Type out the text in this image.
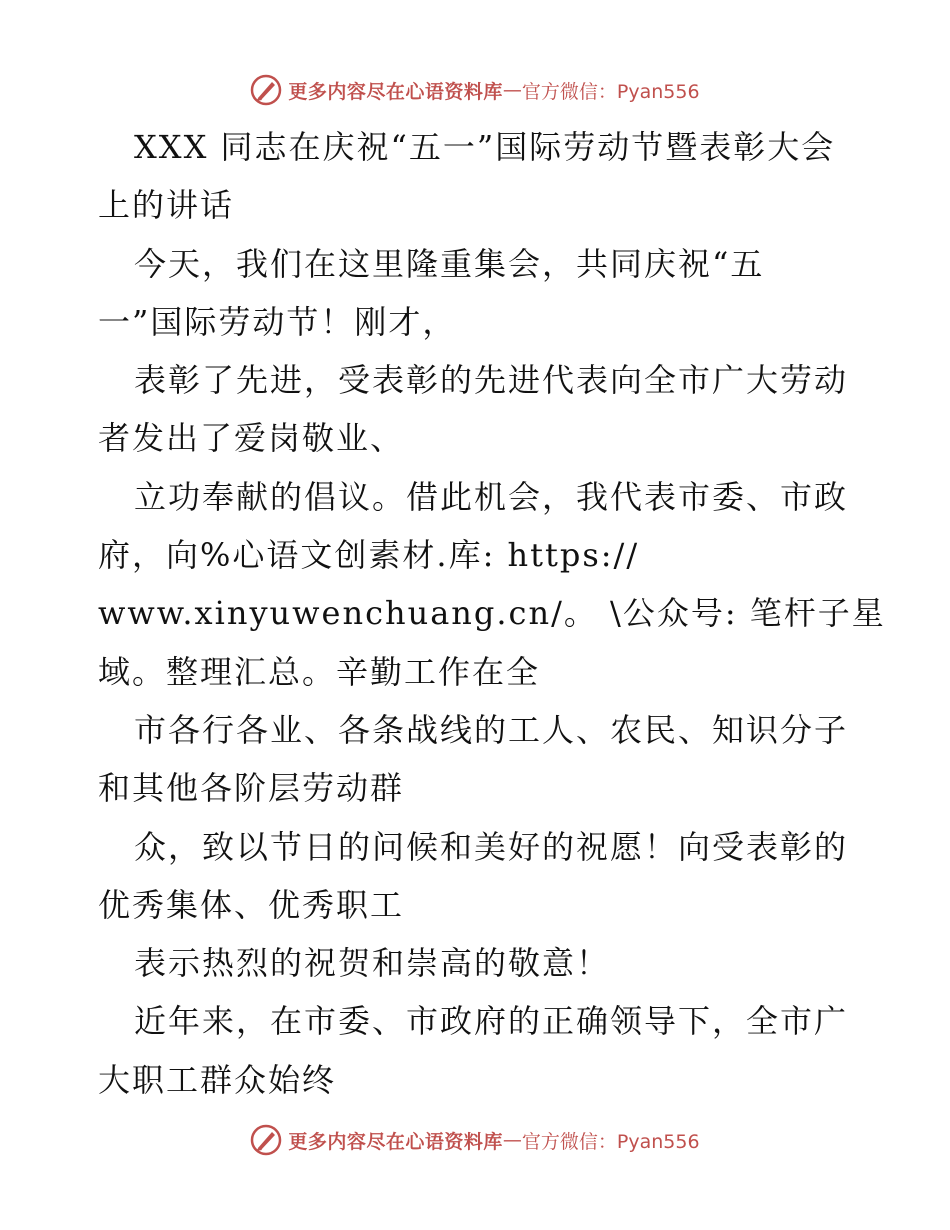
更多内容尽在心语资料库 — 官方微信：Pyan556
XXX 同志在庆祝“五一”国际劳动节暨表彰大会
上的讲话
今天，我们在这里隆重集会，共同庆祝“五
一”国际劳动节！刚才，
表彰了先进，受表彰的先进代表向全市广大劳动
者发出了爱岗敬业、
立功奉献的倡议。借此机会，我代表市委、市政
府，向%心语文创素材.库: https://
www.xinyuwenchuang.cn/。 \公众号: 笔杆子星
域。整理汇总。辛勤工作在全
市各行各业、各条战线的工人、农民、知识分子
和其他各阶层劳动群
众，致以节日的问候和美好的祝愿！向受表彰的
优秀集体、优秀职工
表示热烈的祝贺和崇高的敬意！
近年来，在市委、市政府的正确领导下，全市广
大职工群众始终
更多内容尽在心语资料库 — 官方微信：Pyan556
